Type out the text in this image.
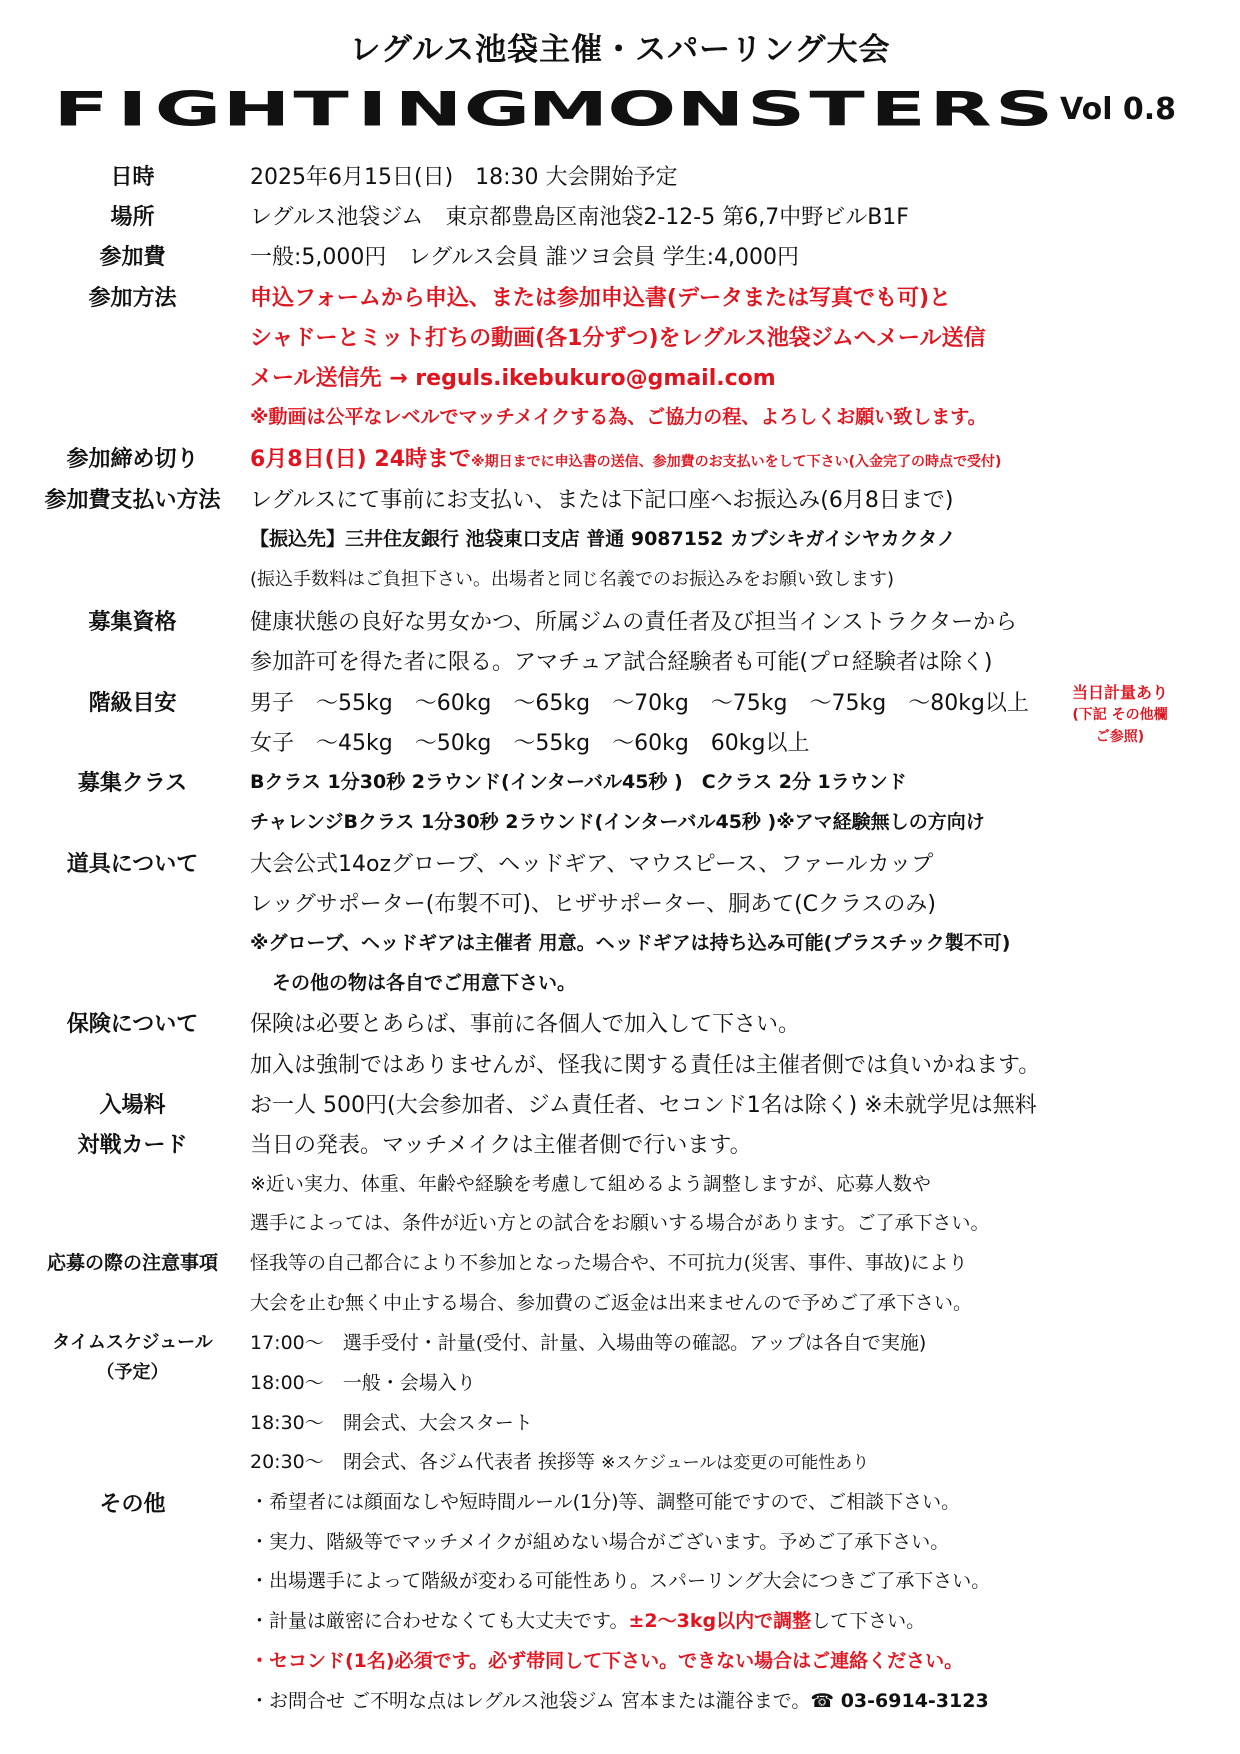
レグルス池袋主催・スパーリング大会
F I G H T I N G
M
O N S T E R S Vol 0.8
日時	2025年6月15日(日)　18:30 大会開始予定
場所	レグルス池袋ジム　東京都豊島区南池袋2-12-5 第6,7中野ビルB1F
参加費	一般:5,000円　レグルス会員 誰ツヨ会員 学生:4,000円
参加方法	申込フォームから申込、または参加申込書(データまたは写真でも可)と
シャドーとミット打ちの動画(各1分ずつ)をレグルス池袋ジムへメール送信
メール送信先 → reguls.ikebukuro@gmail.com
※動画は公平なレベルでマッチメイクする為、ご協力の程、よろしくお願い致します。
参加締め切り	6月8日(日) 24時まで※期日までに申込書の送信、参加費のお支払いをして下さい(入金完了の時点で受付)
参加費支払い方法	レグルスにて事前にお支払い、または下記口座へお振込み(6月8日まで)
【振込先】三井住友銀行 池袋東口支店 普通 9087152 カブシキガイシヤカクタノ
(振込手数料はご負担下さい。出場者と同じ名義でのお振込みをお願い致します)
募集資格	健康状態の良好な男女かつ、所属ジムの責任者及び担当インストラクターから
参加許可を得た者に限る。アマチュア試合経験者も可能(プロ経験者は除く)
階級目安	男子　～55kg　～60kg　～65kg　～70kg　～75kg　～75kg　～80kg以上
女子　～45kg　～50kg　～55kg　～60kg　60kg以上
当日計量あり
(下記 その他欄
ご参照)
募集クラス	Bクラス 1分30秒 2ラウンド(インターバル45秒 )　Cクラス 2分 1ラウンド
チャレンジBクラス 1分30秒 2ラウンド(インターバル45秒 )※アマ経験無しの方向け
道具について	大会公式14ozグローブ、ヘッドギア、マウスピース、ファールカップ
レッグサポーター(布製不可)、ヒザサポーター、胴あて(Cクラスのみ)
※グローブ、ヘッドギアは主催者 用意。ヘッドギアは持ち込み可能(プラスチック製不可)
その他の物は各自でご用意下さい。
保険について	保険は必要とあらば、事前に各個人で加入して下さい。
加入は強制ではありませんが、怪我に関する責任は主催者側では負いかねます。
入場料	お一人 500円(大会参加者、ジム責任者、セコンド1名は除く) ※未就学児は無料
対戦カード	当日の発表。マッチメイクは主催者側で行います。
※近い実力、体重、年齢や経験を考慮して組めるよう調整しますが、応募人数や
選手によっては、条件が近い方との試合をお願いする場合があります。ご了承下さい。
応募の際の注意事項	怪我等の自己都合により不参加となった場合や、不可抗力(災害、事件、事故)により
大会を止む無く中止する場合、参加費のご返金は出来ませんので予めご了承下さい。
タイムスケジュール
（予定）
17:00～　選手受付・計量(受付、計量、入場曲等の確認。アップは各自で実施)
18:00～　一般・会場入り
18:30～　開会式、大会スタート
20:30～　閉会式、各ジム代表者 挨拶等 ※スケジュールは変更の可能性あり
その他	・希望者には顔面なしや短時間ルール(1分)等、調整可能ですので、ご相談下さい。
・実力、階級等でマッチメイクが組めない場合がございます。予めご了承下さい。
・出場選手によって階級が変わる可能性あり。スパーリング大会につきご了承下さい。
・計量は厳密に合わせなくても大丈夫です。±2～3kg以内で調整して下さい。
・セコンド(1名)必須です。必ず帯同して下さい。できない場合はご連絡ください。
・お問合せ ご不明な点はレグルス池袋ジム 宮本または瀧谷まで。☎ 03-6914-3123
